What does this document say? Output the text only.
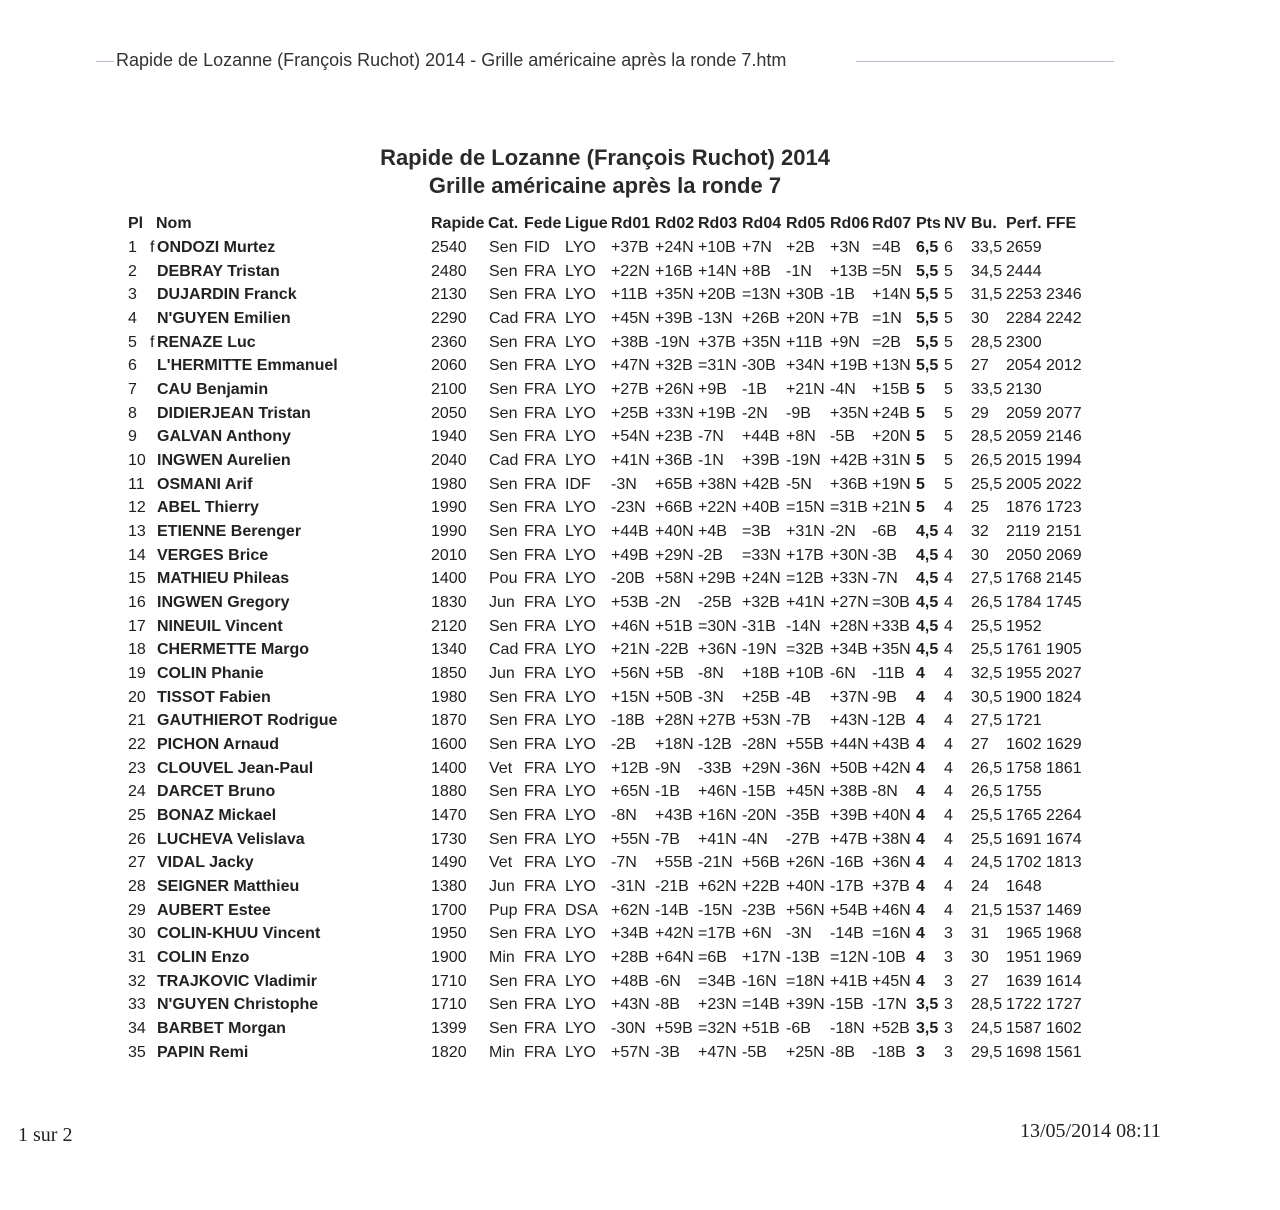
Rapide de Lozanne (François Ruchot) 2014 - Grille américaine après la ronde 7.htm
Rapide de Lozanne (François Ruchot) 2014
Grille américaine après la ronde 7
Pl Nom	Rapide Cat. Fede Ligue Rd01 Rd02 Rd03 Rd04 Rd05 Rd06 Rd07 Pts NV Bu. Perf. FFE
1 f ONDOZI Murtez	2540 Sen FID LYO +37B +24N +10B +7N +2B +3N =4B 6,5 6 33,5 2659
2 DEBRAY Tristan	2480 Sen FRA LYO +22N +16B +14N +8B -1N +13B =5N 5,5 5 34,5 2444
3 DUJARDIN Franck	2130 Sen FRA LYO +11B +35N +20B =13N +30B -1B +14N 5,5 5 31,5 2253 2346
4 N'GUYEN Emilien	2290 Cad FRA LYO +45N +39B -13N +26B +20N +7B =1N 5,5 5 30 2284 2242
5 f RENAZE Luc	2360 Sen FRA LYO +38B -19N +37B +35N +11B +9N =2B 5,5 5 28,5 2300
6 L'HERMITTE Emmanuel	2060 Sen FRA LYO +47N +32B =31N -30B +34N +19B +13N 5,5 5 27 2054 2012
7 CAU Benjamin	2100 Sen FRA LYO +27B +26N +9B -1B +21N -4N +15B 5 5 33,5 2130
8 DIDIERJEAN Tristan	2050 Sen FRA LYO +25B +33N +19B -2N -9B +35N +24B 5 5 29 2059 2077
9 GALVAN Anthony	1940 Sen FRA LYO +54N +23B -7N +44B +8N -5B +20N 5 5 28,5 2059 2146
10 INGWEN Aurelien	2040 Cad FRA LYO +41N +36B -1N +39B -19N +42B +31N 5 5 26,5 2015 1994
11 OSMANI Arif	1980 Sen FRA IDF -3N +65B +38N +42B -5N +36B +19N 5 5 25,5 2005 2022
12 ABEL Thierry	1990 Sen FRA LYO -23N +66B +22N +40B =15N =31B +21N 5 4 25 1876 1723
13 ETIENNE Berenger	1990 Sen FRA LYO +44B +40N +4B =3B +31N -2N -6B 4,5 4 32 2119 2151
14 VERGES Brice	2010 Sen FRA LYO +49B +29N -2B =33N +17B +30N -3B 4,5 4 30 2050 2069
15 MATHIEU Phileas	1400 Pou FRA LYO -20B +58N +29B +24N =12B +33N -7N 4,5 4 27,5 1768 2145
16 INGWEN Gregory	1830 Jun FRA LYO +53B -2N -25B +32B +41N +27N =30B 4,5 4 26,5 1784 1745
17 NINEUIL Vincent	2120 Sen FRA LYO +46N +51B =30N -31B -14N +28N +33B 4,5 4 25,5 1952
18 CHERMETTE Margo	1340 Cad FRA LYO +21N -22B +36N -19N =32B +34B +35N 4,5 4 25,5 1761 1905
19 COLIN Phanie	1850 Jun FRA LYO +56N +5B -8N +18B +10B -6N -11B 4 4 32,5 1955 2027
20 TISSOT Fabien	1980 Sen FRA LYO +15N +50B -3N +25B -4B +37N -9B 4 4 30,5 1900 1824
21 GAUTHIEROT Rodrigue	1870 Sen FRA LYO -18B +28N +27B +53N -7B +43N -12B 4 4 27,5 1721
22 PICHON Arnaud	1600 Sen FRA LYO -2B +18N -12B -28N +55B +44N +43B 4 4 27 1602 1629
23 CLOUVEL Jean-Paul	1400 Vet FRA LYO +12B -9N -33B +29N -36N +50B +42N 4 4 26,5 1758 1861
24 DARCET Bruno	1880 Sen FRA LYO +65N -1B +46N -15B +45N +38B -8N 4 4 26,5 1755
25 BONAZ Mickael	1470 Sen FRA LYO -8N +43B +16N -20N -35B +39B +40N 4 4 25,5 1765 2264
26 LUCHEVA Velislava	1730 Sen FRA LYO +55N -7B +41N -4N -27B +47B +38N 4 4 25,5 1691 1674
27 VIDAL Jacky	1490 Vet FRA LYO -7N +55B -21N +56B +26N -16B +36N 4 4 24,5 1702 1813
28 SEIGNER Matthieu	1380 Jun FRA LYO -31N -21B +62N +22B +40N -17B +37B 4 4 24 1648
29 AUBERT Estee	1700 Pup FRA DSA +62N -14B -15N -23B +56N +54B +46N 4 4 21,5 1537 1469
30 COLIN-KHUU Vincent	1950 Sen FRA LYO +34B +42N =17B +6N -3N -14B =16N 4 3 31 1965 1968
31 COLIN Enzo	1900 Min FRA LYO +28B +64N =6B +17N -13B =12N -10B 4 3 30 1951 1969
32 TRAJKOVIC Vladimir	1710 Sen FRA LYO +48B -6N =34B -16N =18N +41B +45N 4 3 27 1639 1614
33 N'GUYEN Christophe	1710 Sen FRA LYO +43N -8B +23N =14B +39N -15B -17N 3,5 3 28,5 1722 1727
34 BARBET Morgan	1399 Sen FRA LYO -30N +59B =32N +51B -6B -18N +52B 3,5 3 24,5 1587 1602
35 PAPIN Remi	1820 Min FRA LYO +57N -3B +47N -5B +25N -8B -18B 3 3 29,5 1698 1561
1 sur 2	13/05/2014 08:11
